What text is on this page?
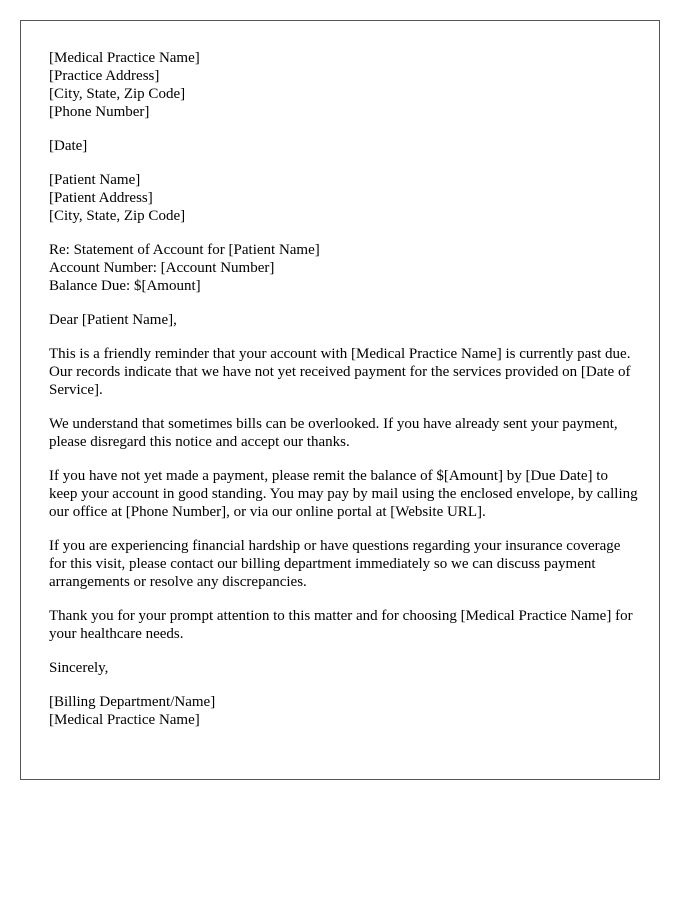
[Medical Practice Name]
[Practice Address]
[City, State, Zip Code]
[Phone Number]
[Date]
[Patient Name]
[Patient Address]
[City, State, Zip Code]
Re: Statement of Account for [Patient Name]
Account Number: [Account Number]
Balance Due: $[Amount]
Dear [Patient Name],

This is a friendly reminder that your account with [Medical Practice Name] is currently past due. Our records indicate that we have not yet received payment for the services provided on [Date of Service].

We understand that sometimes bills can be overlooked. If you have already sent your payment, please disregard this notice and accept our thanks.

If you have not yet made a payment, please remit the balance of $[Amount] by [Due Date] to keep your account in good standing. You may pay by mail using the enclosed envelope, by calling our office at [Phone Number], or via our online portal at [Website URL].

If you are experiencing financial hardship or have questions regarding your insurance coverage for this visit, please contact our billing department immediately so we can discuss payment arrangements or resolve any discrepancies.

Thank you for your prompt attention to this matter and for choosing [Medical Practice Name] for your healthcare needs.

Sincerely,
[Billing Department/Name]
[Medical Practice Name]
